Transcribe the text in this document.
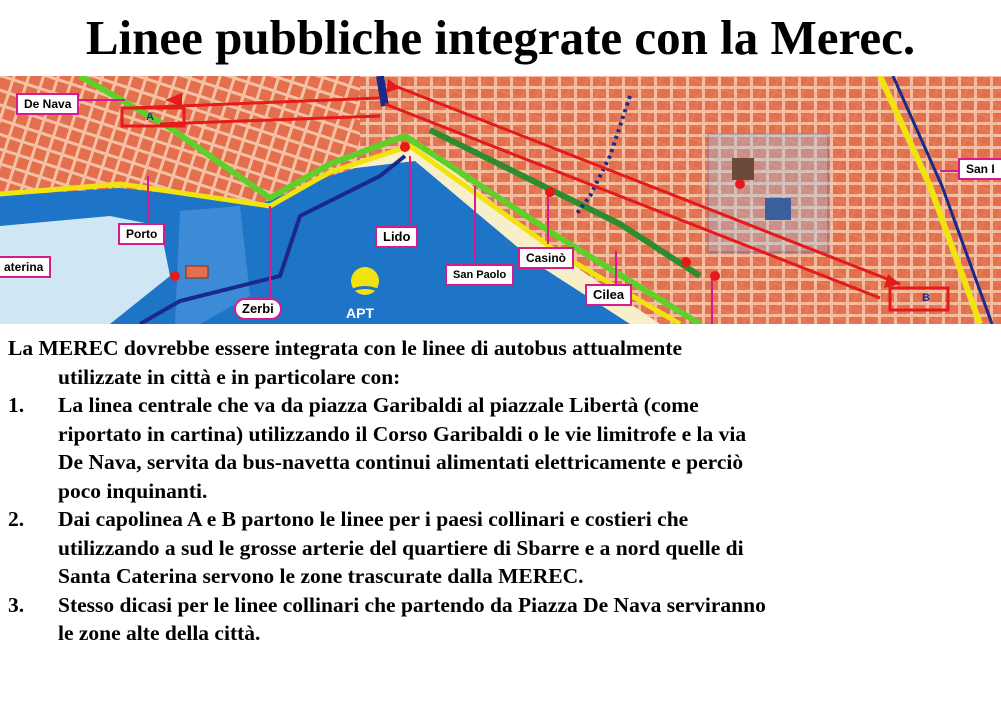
Linee pubbliche integrate con la Merec.
De Nava
Porto
aterina
Zerbi
Lido
San Paolo
Casinò
Cilea
San I
APT
A
B

La MEREC dovrebbe essere integrata con le linee di autobus attualmente

utilizzate in città e in particolare con:

1. La linea centrale che va da piazza Garibaldi al piazzale Libertà (come

riportato in cartina) utilizzando il Corso Garibaldi o le vie limitrofe e la via

De Nava, servita da bus-navetta continui alimentati elettricamente e perciò

poco inquinanti.

2. Dai capolinea A e B partono le linee per i paesi collinari e costieri che

utilizzando a sud le grosse arterie del quartiere di Sbarre e a nord quelle di

Santa Caterina servono le zone trascurate dalla MEREC.

3. Stesso dicasi per le linee collinari che partendo da Piazza De Nava serviranno

le zone alte della città.
